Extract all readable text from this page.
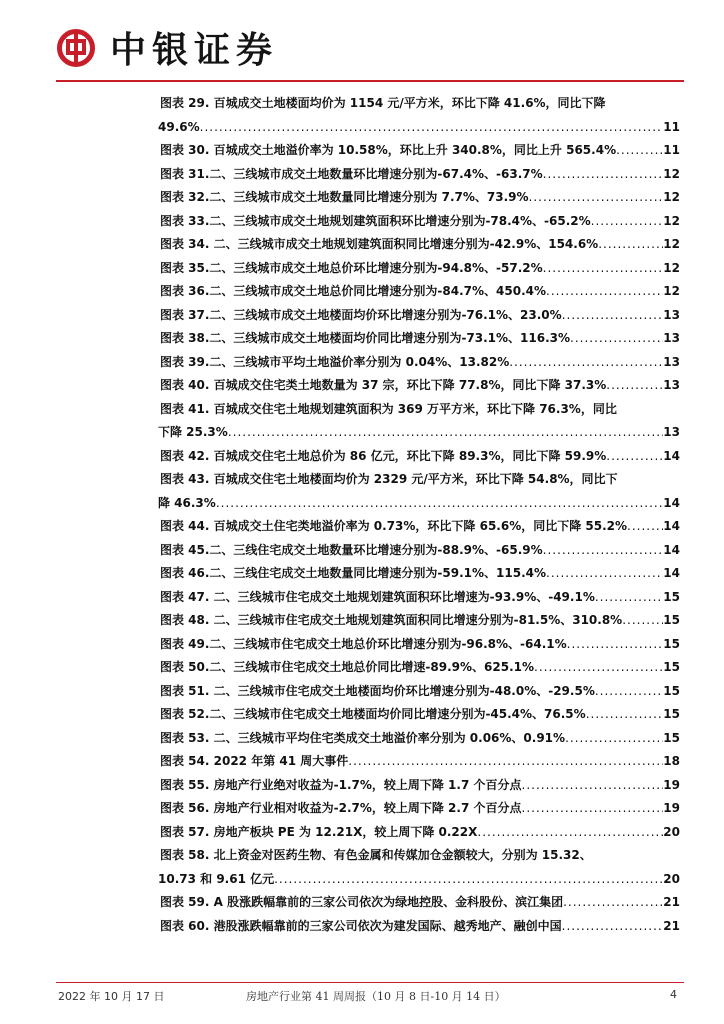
中银证券
图表 29. 百城成交土地楼面均价为 1154 元/平方米，环比下降 41.6%，同比下降
49.6% .....	11
图表 30. 百城成交土地溢价率为 10.58%，环比上升 340.8%，同比上升 565.4% .....	11
图表 31.二、三线城市成交土地数量环比增速分别为-67.4%、-63.7% .....	12
图表 32.二、三线城市成交土地数量同比增速分别为 7.7%、73.9% .....	12
图表 33.二、三线城市成交土地规划建筑面积环比增速分别为-78.4%、-65.2% .....	12
图表 34. 二、三线城市成交土地规划建筑面积同比增速分别为-42.9%、154.6% .....	12
图表 35.二、三线城市成交土地总价环比增速分别为-94.8%、-57.2% .....	12
图表 36.二、三线城市成交土地总价同比增速分别为-84.7%、450.4% .....	12
图表 37.二、三线城市成交土地楼面均价环比增速分别为-76.1%、23.0% .....	13
图表 38.二、三线城市成交土地楼面均价同比增速分别为-73.1%、116.3% .....	13
图表 39.二、三线城市平均土地溢价率分别为 0.04%、13.82% .....	13
图表 40. 百城成交住宅类土地数量为 37 宗，环比下降 77.8%，同比下降 37.3% .....	13
图表 41. 百城成交住宅土地规划建筑面积为 369 万平方米，环比下降 76.3%，同比
下降 25.3% .....	13
图表 42. 百城成交住宅土地总价为 86 亿元，环比下降 89.3%，同比下降 59.9% .....	14
图表 43. 百城成交住宅土地楼面均价为 2329 元/平方米，环比下降 54.8%，同比下
降 46.3% .....	14
图表 44. 百城成交土住宅类地溢价率为 0.73%，环比下降 65.6%，同比下降 55.2% .....	14
图表 45.二、三线住宅成交土地数量环比增速分别为-88.9%、-65.9% .....	14
图表 46.二、三线住宅成交土地数量同比增速分别为-59.1%、115.4% .....	14
图表 47. 二、三线城市住宅成交土地规划建筑面积环比增速为-93.9%、-49.1% .....	15
图表 48. 二、三线城市住宅成交土地规划建筑面积同比增速分别为-81.5%、310.8% .....	15
图表 49.二、三线城市住宅成交土地总价环比增速分别为-96.8%、-64.1% .....	15
图表 50.二、三线城市住宅成交土地总价同比增速-89.9%、625.1% .....	15
图表 51. 二、三线城市住宅成交土地楼面均价环比增速分别为-48.0%、-29.5% .....	15
图表 52.二、三线城市住宅成交土地楼面均价同比增速分别为-45.4%、76.5% .....	15
图表 53. 二、三线城市平均住宅类成交土地溢价率分别为 0.06%、0.91% .....	15
图表 54. 2022 年第 41 周大事件 .....	18
图表 55. 房地产行业绝对收益为-1.7%，较上周下降 1.7 个百分点 .....	19
图表 56. 房地产行业相对收益为-2.7%，较上周下降 2.7 个百分点 .....	19
图表 57. 房地产板块 PE 为 12.21X，较上周下降 0.22X .....	20
图表 58. 北上资金对医药生物、有色金属和传媒加仓金额较大，分别为 15.32、
10.73 和 9.61 亿元 .....	20
图表 59. A 股涨跌幅靠前的三家公司依次为绿地控股、金科股份、滨江集团 .....	21
图表 60. 港股涨跌幅靠前的三家公司依次为建发国际、越秀地产、融创中国 .....	21
2022 年 10 月 17 日	房地产行业第 41 周周报（10 月 8 日-10 月 14 日）	4
